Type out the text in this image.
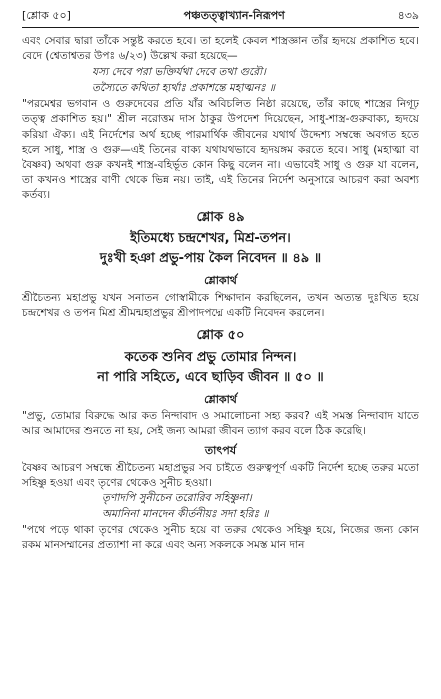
[শ্লোক ৫০]	পঞ্চতত্ত্বাখ্যান-নিরূপণ	৪৩৯

এবং সেবার দ্বারা তাঁকে সন্তুষ্ট করতে হবে। তা হলেই কেবল শাস্ত্রজ্ঞান তাঁর হৃদয়ে প্রকাশিত হবে। বেদে (শ্বেতাশ্বতর উপঃ ৬/২৩) উল্লেখ করা হয়েছে—

যস্য দেবে পরা ভক্তির্যথা দেবে তথা গুরৌ।
তস্যৈতে কথিতা হ্যর্থাঃ প্রকাশন্তে মহাত্মনঃ ॥

"পরমেশ্বর ভগবান ও গুরুদেবের প্রতি যাঁর অবিচলিত নিষ্ঠা রয়েছে, তাঁর কাছে শাস্ত্রের নিগূঢ় তত্ত্ব প্রকাশিত হয়।" শ্রীল নরোত্তম দাস ঠাকুর উপদেশ দিয়েছেন, সাধু-শাস্ত্র-গুরুবাক্য, হৃদয়ে করিয়া ঐক্য। এই নির্দেশের অর্থ হচ্ছে পারমার্থিক জীবনের যথার্থ উদ্দেশ্য সম্বন্ধে অবগত হতে হলে সাধু, শাস্ত্র ও গুরু—এই তিনের বাক্য যথাযথভাবে হৃদয়ঙ্গম করতে হবে। সাধু (মহাত্মা বা বৈষ্ণব) অথবা গুরু কখনই শাস্ত্র-বহির্ভূত কোন কিছু বলেন না। এভাবেই সাধু ও গুরু যা বলেন, তা কখনও শাস্ত্রের বাণী থেকে ভিন্ন নয়। তাই, এই তিনের নির্দেশ অনুসারে আচরণ করা অবশ্য কর্তব্য।

শ্লোক ৪৯
ইতিমধ্যে চন্দ্রশেখর, মিশ্র-তপন।
দুঃখী হঞা প্রভু-পায় কৈল নিবেদন ॥ ৪৯ ॥
শ্লোকার্থ

শ্রীচৈতন্য মহাপ্রভু যখন সনাতন গোস্বামীকে শিক্ষাদান করছিলেন, তখন অত্যন্ত দুঃখিত হয়ে চন্দ্রশেখর ও তপন মিশ্র শ্রীমন্মহাপ্রভুর শ্রীপাদপদ্মে একটি নিবেদন করলেন।

শ্লোক ৫০
কতেক শুনিব প্রভু তোমার নিন্দন।
না পারি সহিতে, এবে ছাড়িব জীবন ॥ ৫০ ॥
শ্লোকার্থ

"প্রভু, তোমার বিরুদ্ধে আর কত নিন্দাবাদ ও সমালোচনা সহ্য করব? এই সমস্ত নিন্দাবাদ যাতে আর আমাদের শুনতে না হয়, সেই জন্য আমরা জীবন ত্যাগ করব বলে ঠিক করেছি।

তাৎপর্য

বৈষ্ণব আচরণ সম্বন্ধে শ্রীচৈতন্য মহাপ্রভুর সব চাইতে গুরুত্বপূর্ণ একটি নির্দেশ হচ্ছে তরুর মতো সহিষ্ণু হওয়া এবং তৃণের থেকেও সুনীচ হওয়া।

তৃণাদপি সুনীচেন তরোরিব সহিষ্ণুনা।
অমানিনা মানদেন কীর্তনীয়ঃ সদা হরিঃ ॥

"পথে পড়ে থাকা তৃণের থেকেও সুনীচ হয়ে বা তরুর থেকেও সহিষ্ণু হয়ে, নিজের জন্য কোন রকম মানসম্মানের প্রত্যাশা না করে এবং অন্য সকলকে সমস্ত মান দান
